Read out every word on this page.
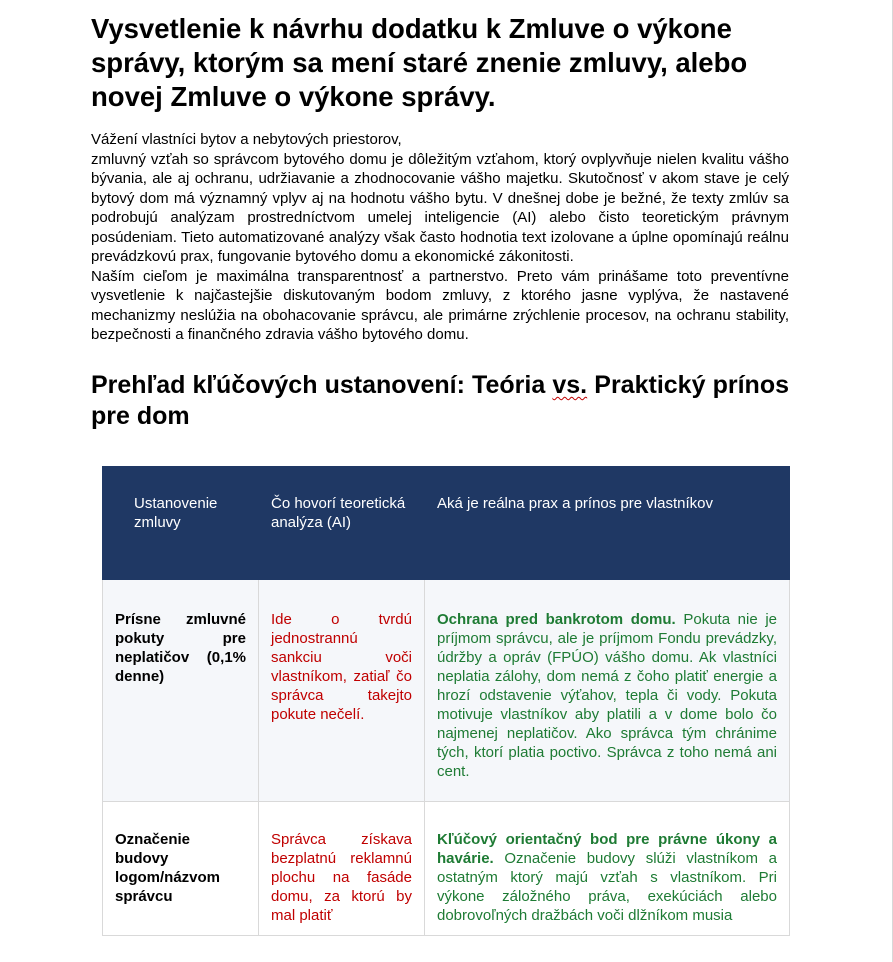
Vysvetlenie k návrhu dodatku k Zmluve o výkone správy, ktorým sa mení staré znenie zmluvy, alebo novej Zmluve o výkone správy.

Vážení vlastníci bytov a nebytových priestorov,

zmluvný vzťah so správcom bytového domu je dôležitým vzťahom, ktorý ovplyvňuje nielen kvalitu vášho bývania, ale aj ochranu, udržiavanie a zhodnocovanie vášho majetku. Skutočnosť v akom stave je celý bytový dom má významný vplyv aj na hodnotu vášho bytu. V dnešnej dobe je bežné, že texty zmlúv sa podrobujú analýzam prostredníctvom umelej inteligencie (AI) alebo čisto teoretickým právnym posúdeniam. Tieto automatizované analýzy však často hodnotia text izolovane a úplne opomínajú reálnu prevádzkovú prax, fungovanie bytového domu a ekonomické zákonitosti.

Naším cieľom je maximálna transparentnosť a partnerstvo. Preto vám prinášame toto preventívne vysvetlenie k najčastejšie diskutovaným bodom zmluvy, z ktorého jasne vyplýva, že nastavené mechanizmy neslúžia na obohacovanie správcu, ale primárne zrýchlenie procesov, na ochranu stability, bezpečnosti a finančného zdravia vášho bytového domu.

Prehľad kľúčových ustanovení: Teória vs. Praktický prínos pre dom
Ustanovenie zmluvy	Čo hovorí teoretická analýza (AI)	Aká je reálna prax a prínos pre vlastníkov
Prísne zmluvné pokuty pre neplatičov (0,1% denne)	Ide o tvrdú jednostrannú sankciu voči vlastníkom, zatiaľ čo správca takejto pokute nečelí.	Ochrana pred bankrotom domu. Pokuta nie je príjmom správcu, ale je príjmom Fondu prevádzky, údržby a opráv (FPÚO) vášho domu. Ak vlastníci neplatia zálohy, dom nemá z čoho platiť energie a hrozí odstavenie výťahov, tepla či vody. Pokuta motivuje vlastníkov aby platili a v dome bolo čo najmenej neplatičov. Ako správca tým chránime tých, ktorí platia poctivo. Správca z toho nemá ani cent.
Označenie budovy logom/názvom správcu	Správca získava bezplatnú reklamnú plochu na fasáde domu, za ktorú by mal platiť	Kľúčový orientačný bod pre právne úkony a havárie. Označenie budovy slúži vlastníkom a ostatným ktorý majú vzťah s vlastníkom. Pri výkone záložného práva, exekúciách alebo dobrovoľných dražbách voči dlžníkom musia
